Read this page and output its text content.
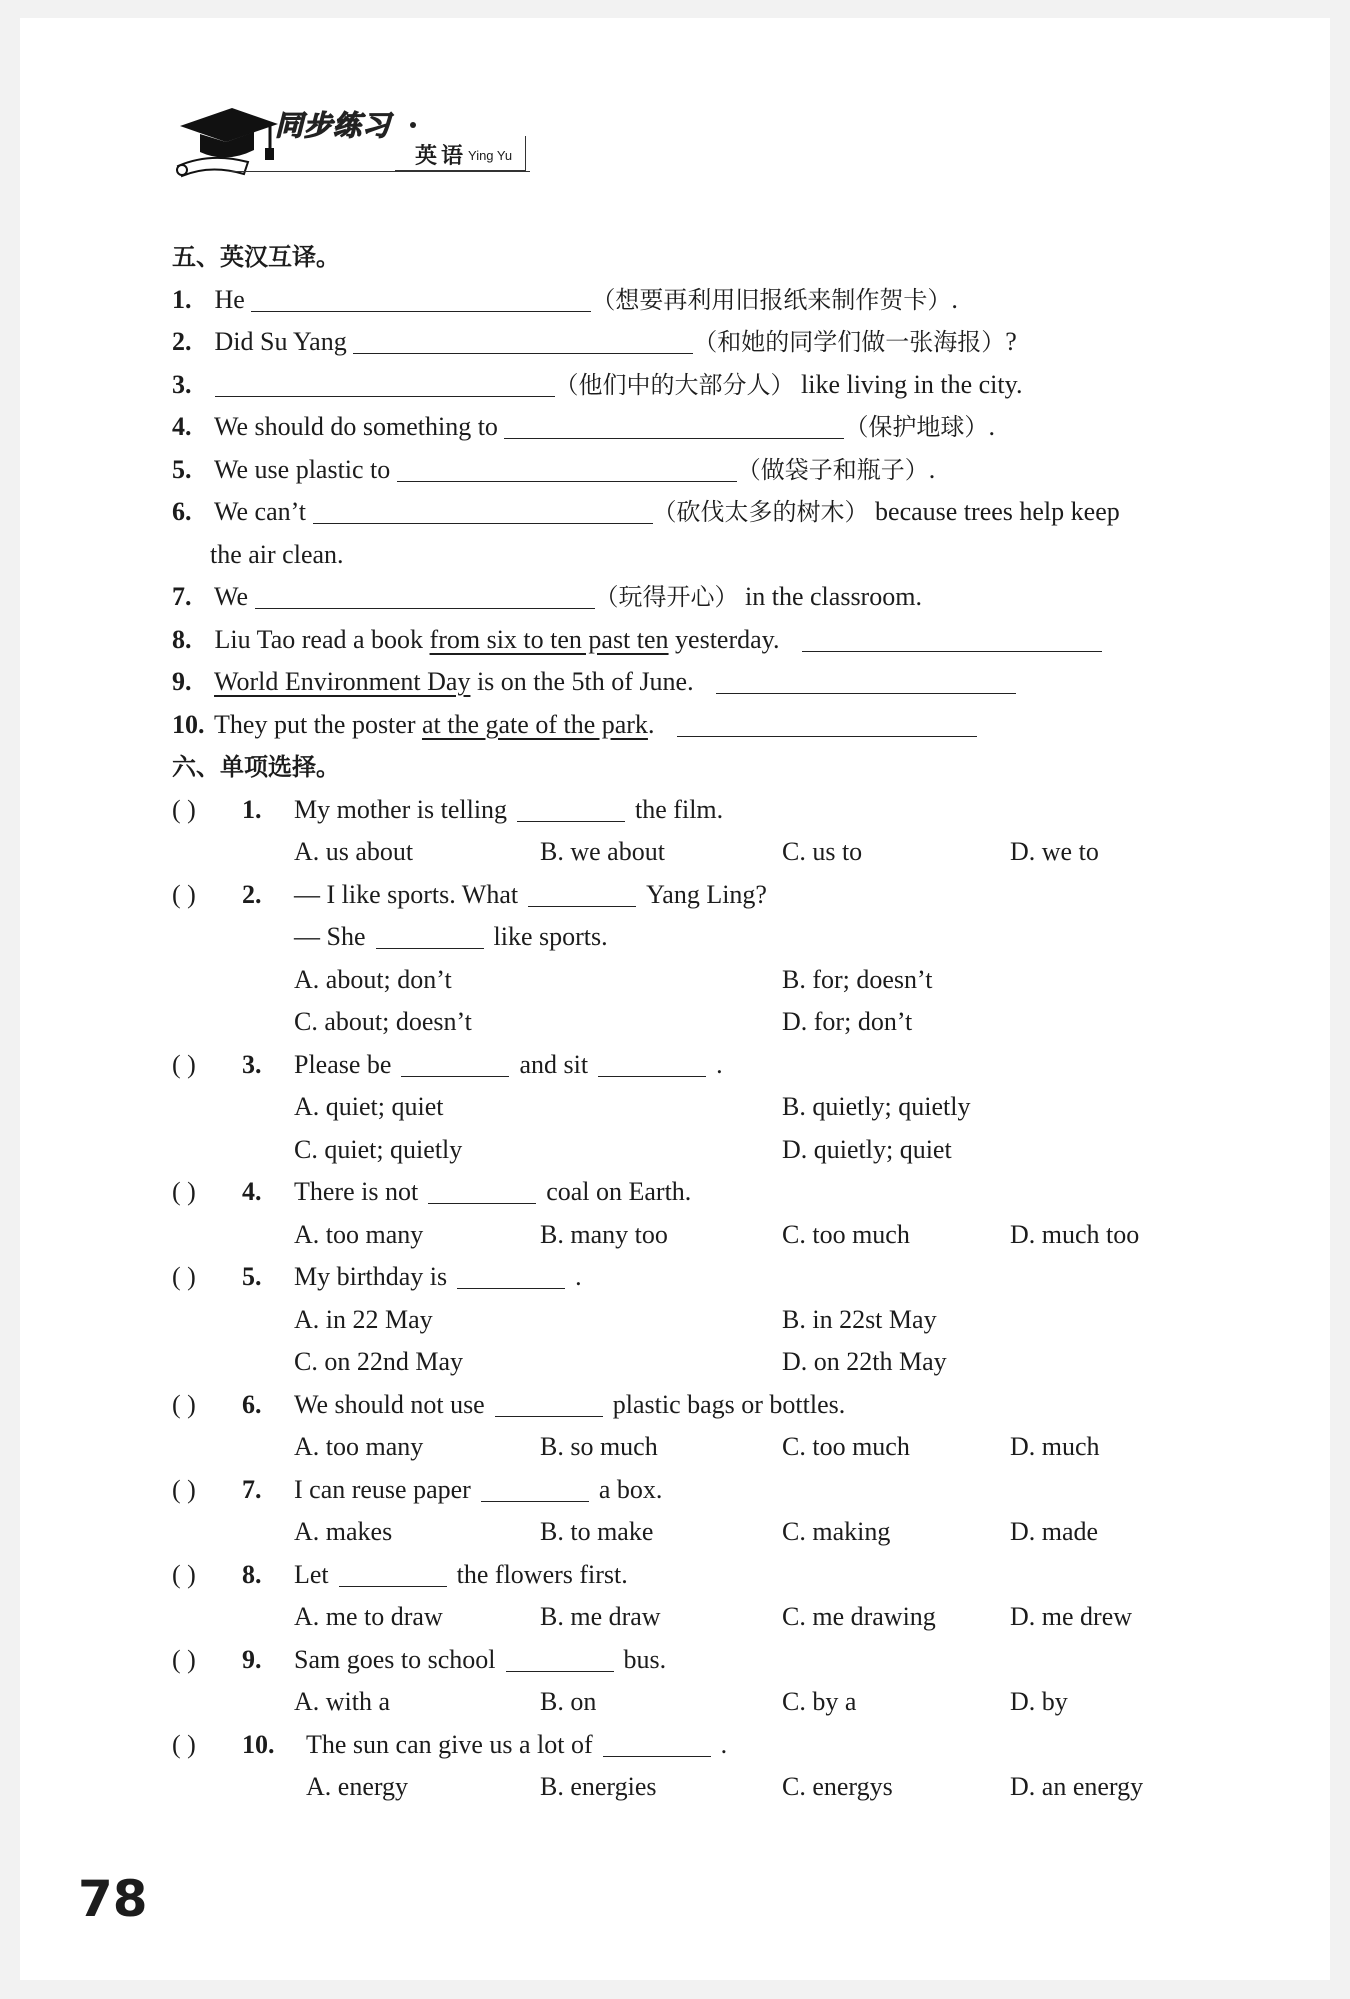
同步练习
英语 Ying Yu
五、英汉互译。
1. He	（想要再利用旧报纸来制作贺卡）.
2. Did Su Yang	（和她的同学们做一张海报）?
3.	（他们中的大部分人） like living in the city.
4. We should do something to	（保护地球）.
5. We use plastic to	（做袋子和瓶子）.
6. We can’t	（砍伐太多的树木） because trees help keep
the air clean.
7. We	（玩得开心） in the classroom.
8. Liu Tao read a book from six to ten past ten yesterday.
9. World Environment Day is on the 5th of June.
10. They put the poster at the gate of the park.
六、单项选择。
( ) 1. My mother is telling	the film.
A. us about	B. we about	C. us to	D. we to
( ) 2. — I like sports. What	Yang Ling?
— She	like sports.
A. about; don’t	B. for; doesn’t
C. about; doesn’t	D. for; don’t
( ) 3. Please be	and sit	.
A. quiet; quiet	B. quietly; quietly
C. quiet; quietly	D. quietly; quiet
( ) 4. There is not	coal on Earth.
A. too many	B. many too	C. too much	D. much too
( ) 5. My birthday is	.
A. in 22 May	B. in 22st May
C. on 22nd May	D. on 22th May
( ) 6. We should not use	plastic bags or bottles.
A. too many	B. so much	C. too much	D. much
( ) 7. I can reuse paper	a box.
A. makes	B. to make	C. making	D. made
( ) 8. Let	the flowers first.
A. me to draw	B. me draw	C. me drawing	D. me drew
( ) 9. Sam goes to school	bus.
A. with a	B. on	C. by a	D. by
( ) 10. The sun can give us a lot of	.
A. energy	B. energies	C. energys	D. an energy
78
